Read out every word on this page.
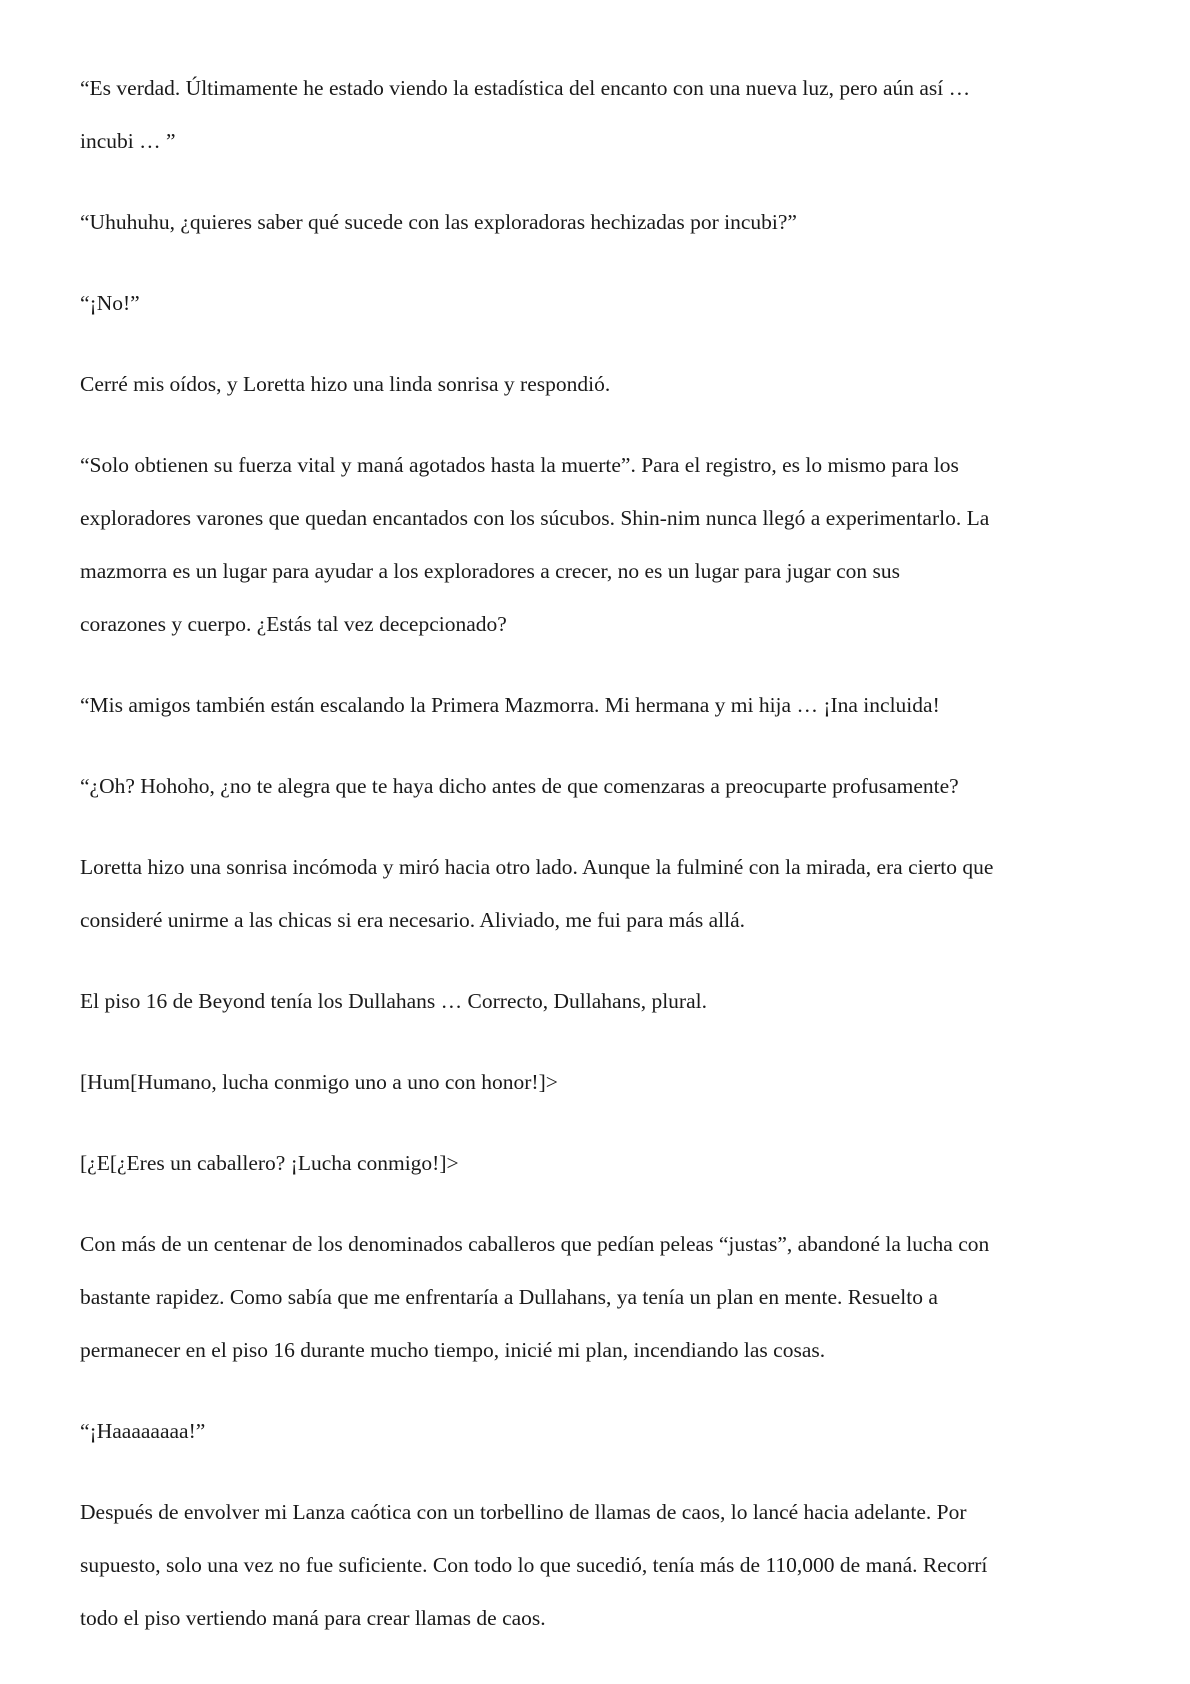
“Es verdad. Últimamente he estado viendo la estadística del encanto con una nueva luz, pero aún así …
incubi … ”

“Uhuhuhu, ¿quieres saber qué sucede con las exploradoras hechizadas por incubi?”

“¡No!”

Cerré mis oídos, y Loretta hizo una linda sonrisa y respondió.

“Solo obtienen su fuerza vital y maná agotados hasta la muerte”. Para el registro, es lo mismo para los
exploradores varones que quedan encantados con los súcubos. Shin-nim nunca llegó a experimentarlo. La
mazmorra es un lugar para ayudar a los exploradores a crecer, no es un lugar para jugar con sus
corazones y cuerpo. ¿Estás tal vez decepcionado?

“Mis amigos también están escalando la Primera Mazmorra. Mi hermana y mi hija … ¡Ina incluida!

“¿Oh? Hohoho, ¿no te alegra que te haya dicho antes de que comenzaras a preocuparte profusamente?

Loretta hizo una sonrisa incómoda y miró hacia otro lado. Aunque la fulminé con la mirada, era cierto que
consideré unirme a las chicas si era necesario. Aliviado, me fui para más allá.

El piso 16 de Beyond tenía los Dullahans … Correcto, Dullahans, plural.

[Hum[Humano, lucha conmigo uno a uno con honor!]>

[¿E[¿Eres un caballero? ¡Lucha conmigo!]>

Con más de un centenar de los denominados caballeros que pedían peleas “justas”, abandoné la lucha con
bastante rapidez. Como sabía que me enfrentaría a Dullahans, ya tenía un plan en mente. Resuelto a
permanecer en el piso 16 durante mucho tiempo, inicié mi plan, incendiando las cosas.

“¡Haaaaaaaa!”

Después de envolver mi Lanza caótica con un torbellino de llamas de caos, lo lancé hacia adelante. Por
supuesto, solo una vez no fue suficiente. Con todo lo que sucedió, tenía más de 110,000 de maná. Recorrí
todo el piso vertiendo maná para crear llamas de caos.
